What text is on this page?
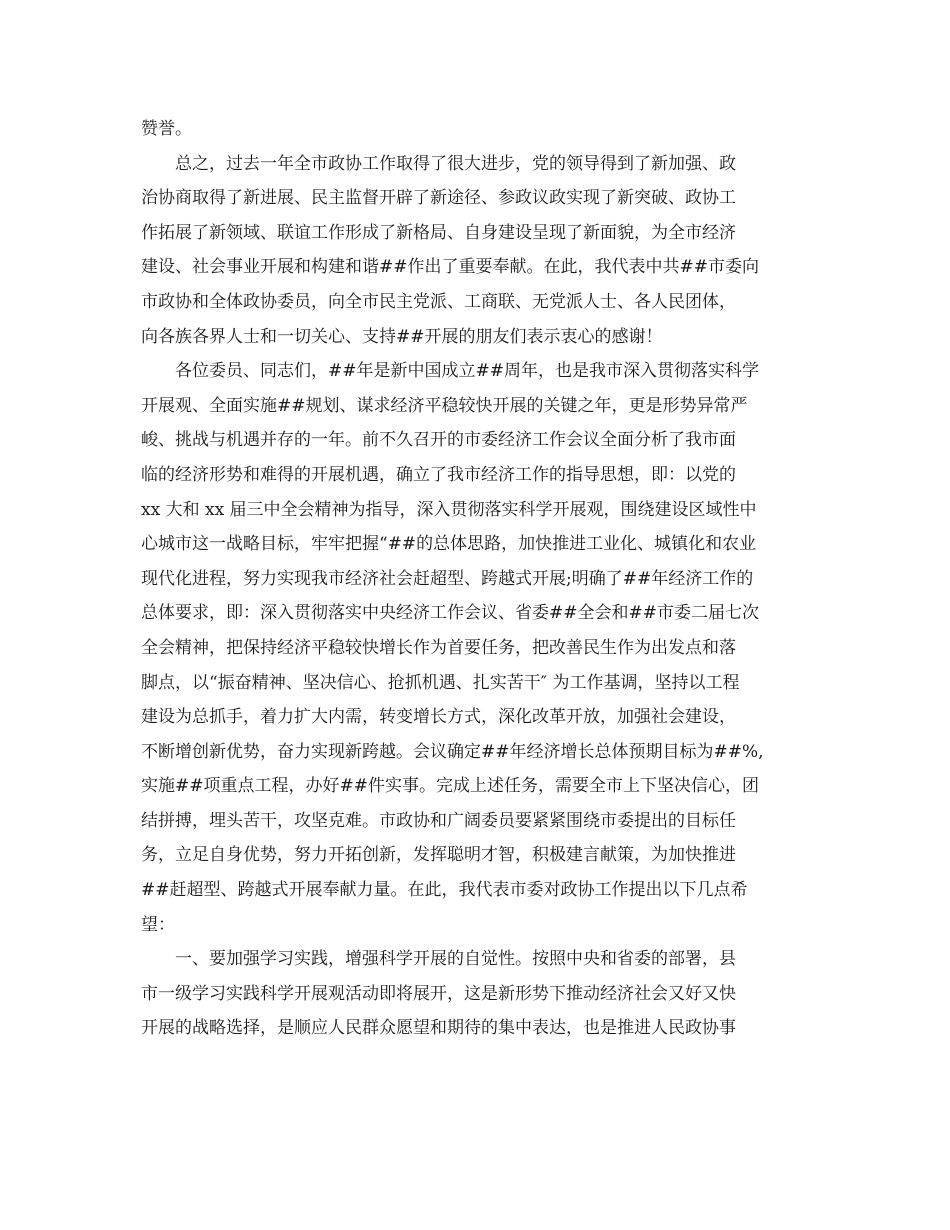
赞誉。
总之，过去一年全市政协工作取得了很大进步，党的领导得到了新加强、政
治协商取得了新进展、民主监督开辟了新途径、参政议政实现了新突破、政协工
作拓展了新领域、联谊工作形成了新格局、自身建设呈现了新面貌，为全市经济
建设、社会事业开展和构建和谐##作出了重要奉献。在此，我代表中共##市委向
市政协和全体政协委员，向全市民主党派、工商联、无党派人士、各人民团体，
向各族各界人士和一切关心、支持##开展的朋友们表示衷心的感谢！
各位委员、同志们，##年是新中国成立##周年，也是我市深入贯彻落实科学
开展观、全面实施##规划、谋求经济平稳较快开展的关键之年，更是形势异常严
峻、挑战与机遇并存的一年。前不久召开的市委经济工作会议全面分析了我市面
临的经济形势和难得的开展机遇，确立了我市经济工作的指导思想，即：以党的
xx 大和 xx 届三中全会精神为指导，深入贯彻落实科学开展观，围绕建设区域性中
心城市这一战略目标，牢牢把握“##的总体思路，加快推进工业化、城镇化和农业
现代化进程，努力实现我市经济社会赶超型、跨越式开展;明确了##年经济工作的
总体要求，即：深入贯彻落实中央经济工作会议、省委##全会和##市委二届七次
全会精神，把保持经济平稳较快增长作为首要任务，把改善民生作为出发点和落
脚点，以“振奋精神、坚决信心、抢抓机遇、扎实苦干″ 为工作基调，坚持以工程
建设为总抓手，着力扩大内需，转变增长方式，深化改革开放，加强社会建设，
不断增创新优势，奋力实现新跨越。会议确定##年经济增长总体预期目标为##%,
实施##项重点工程，办好##件实事。完成上述任务，需要全市上下坚决信心，团
结拼搏，埋头苦干，攻坚克难。市政协和广阔委员要紧紧围绕市委提出的目标任
务，立足自身优势，努力开拓创新，发挥聪明才智，积极建言献策，为加快推进
##赶超型、跨越式开展奉献力量。在此，我代表市委对政协工作提出以下几点希
望：
一、要加强学习实践，增强科学开展的自觉性。按照中央和省委的部署，县
市一级学习实践科学开展观活动即将展开，这是新形势下推动经济社会又好又快
开展的战略选择，是顺应人民群众愿望和期待的集中表达，也是推进人民政协事
